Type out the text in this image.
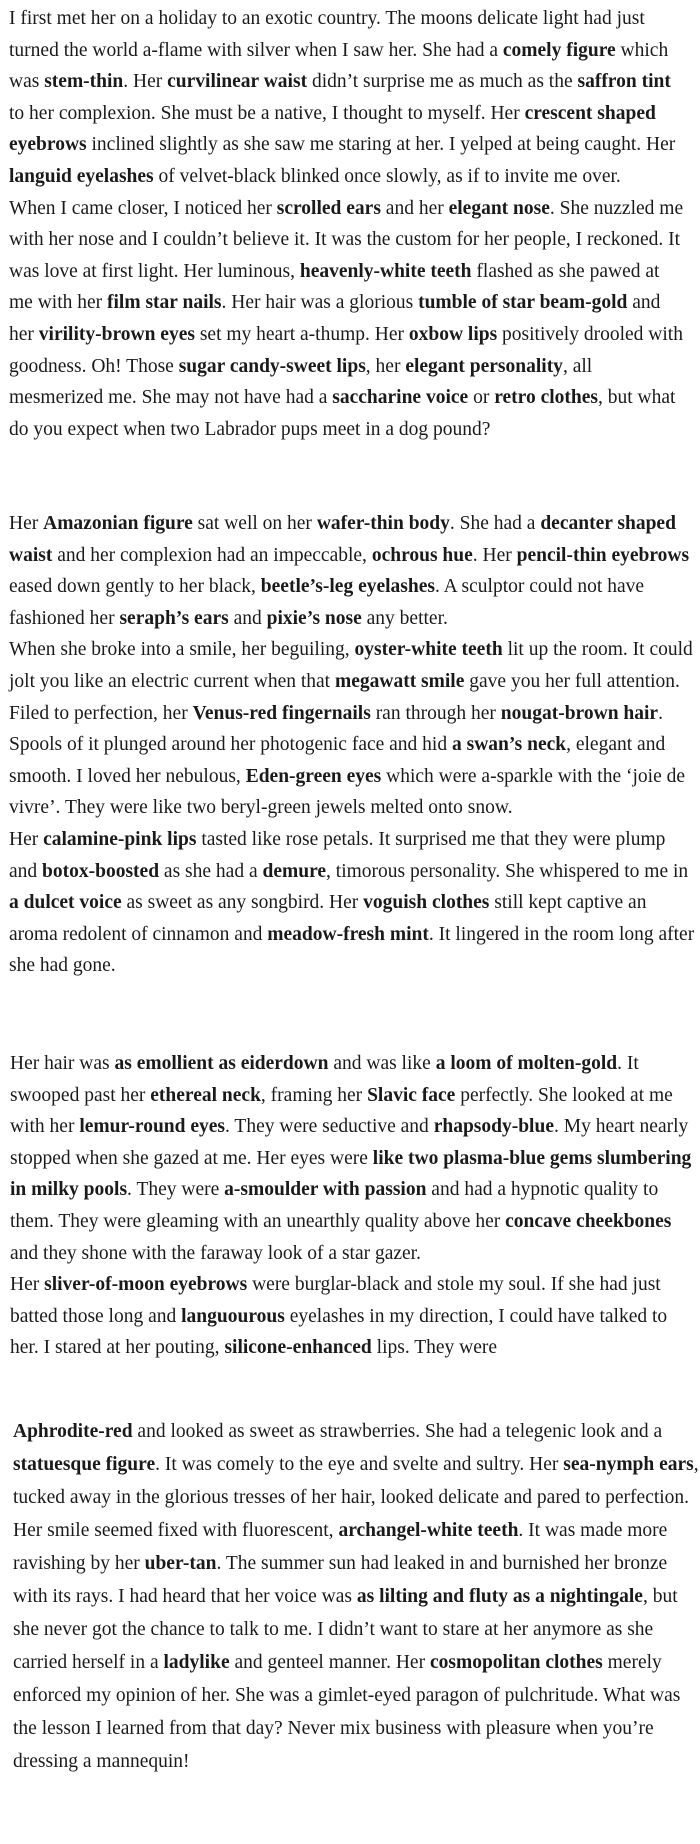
I first met her on a holiday to an exotic country. The moons delicate light had just turned the world a-flame with silver when I saw her. She had a comely figure which was stem-thin. Her curvilinear waist didn’t surprise me as much as the saffron tint to her complexion. She must be a native, I thought to myself. Her crescent shaped eyebrows inclined slightly as she saw me staring at her. I yelped at being caught. Her languid eyelashes of velvet-black blinked once slowly, as if to invite me over.

When I came closer, I noticed her scrolled ears and her elegant nose. She nuzzled me with her nose and I couldn’t believe it. It was the custom for her people, I reckoned. It was love at first light. Her luminous, heavenly-white teeth flashed as she pawed at me with her film star nails. Her hair was a glorious tumble of star beam-gold and her virility-brown eyes set my heart a-thump. Her oxbow lips positively drooled with goodness. Oh! Those sugar candy-sweet lips, her elegant personality, all mesmerized me. She may not have had a saccharine voice or retro clothes, but what do you expect when two Labrador pups meet in a dog pound?

Her Amazonian figure sat well on her wafer-thin body. She had a decanter shaped waist and her complexion had an impeccable, ochrous hue. Her pencil-thin eyebrows eased down gently to her black, beetle’s-leg eyelashes. A sculptor could not have fashioned her seraph’s ears and pixie’s nose any better.

When she broke into a smile, her beguiling, oyster-white teeth lit up the room. It could jolt you like an electric current when that megawatt smile gave you her full attention. Filed to perfection, her Venus-red fingernails ran through her nougat-brown hair. Spools of it plunged around her photogenic face and hid a swan’s neck, elegant and smooth. I loved her nebulous, Eden-green eyes which were a-sparkle with the ‘joie de vivre’. They were like two beryl-green jewels melted onto snow.

Her calamine-pink lips tasted like rose petals. It surprised me that they were plump and botox-boosted as she had a demure, timorous personality. She whispered to me in a dulcet voice as sweet as any songbird. Her voguish clothes still kept captive an aroma redolent of cinnamon and meadow-fresh mint. It lingered in the room long after she had gone.

Her hair was as emollient as eiderdown and was like a loom of molten-gold. It swooped past her ethereal neck, framing her Slavic face perfectly. She looked at me with her lemur-round eyes. They were seductive and rhapsody-blue. My heart nearly stopped when she gazed at me. Her eyes were like two plasma-blue gems slumbering in milky pools. They were a-smoulder with passion and had a hypnotic quality to them. They were gleaming with an unearthly quality above her concave cheekbones and they shone with the faraway look of a star gazer.

Her sliver-of-moon eyebrows were burglar-black and stole my soul. If she had just batted those long and languourous eyelashes in my direction, I could have talked to her. I stared at her pouting, silicone-enhanced lips. They were

Aphrodite-red and looked as sweet as strawberries. She had a telegenic look and a statuesque figure. It was comely to the eye and svelte and sultry. Her sea-nymph ears, tucked away in the glorious tresses of her hair, looked delicate and pared to perfection.

Her smile seemed fixed with fluorescent, archangel-white teeth. It was made more ravishing by her uber-tan. The summer sun had leaked in and burnished her bronze with its rays. I had heard that her voice was as lilting and fluty as a nightingale, but she never got the chance to talk to me. I didn’t want to stare at her anymore as she carried herself in a ladylike and genteel manner. Her cosmopolitan clothes merely enforced my opinion of her. She was a gimlet-eyed paragon of pulchritude. What was the lesson I learned from that day? Never mix business with pleasure when you’re dressing a mannequin!
